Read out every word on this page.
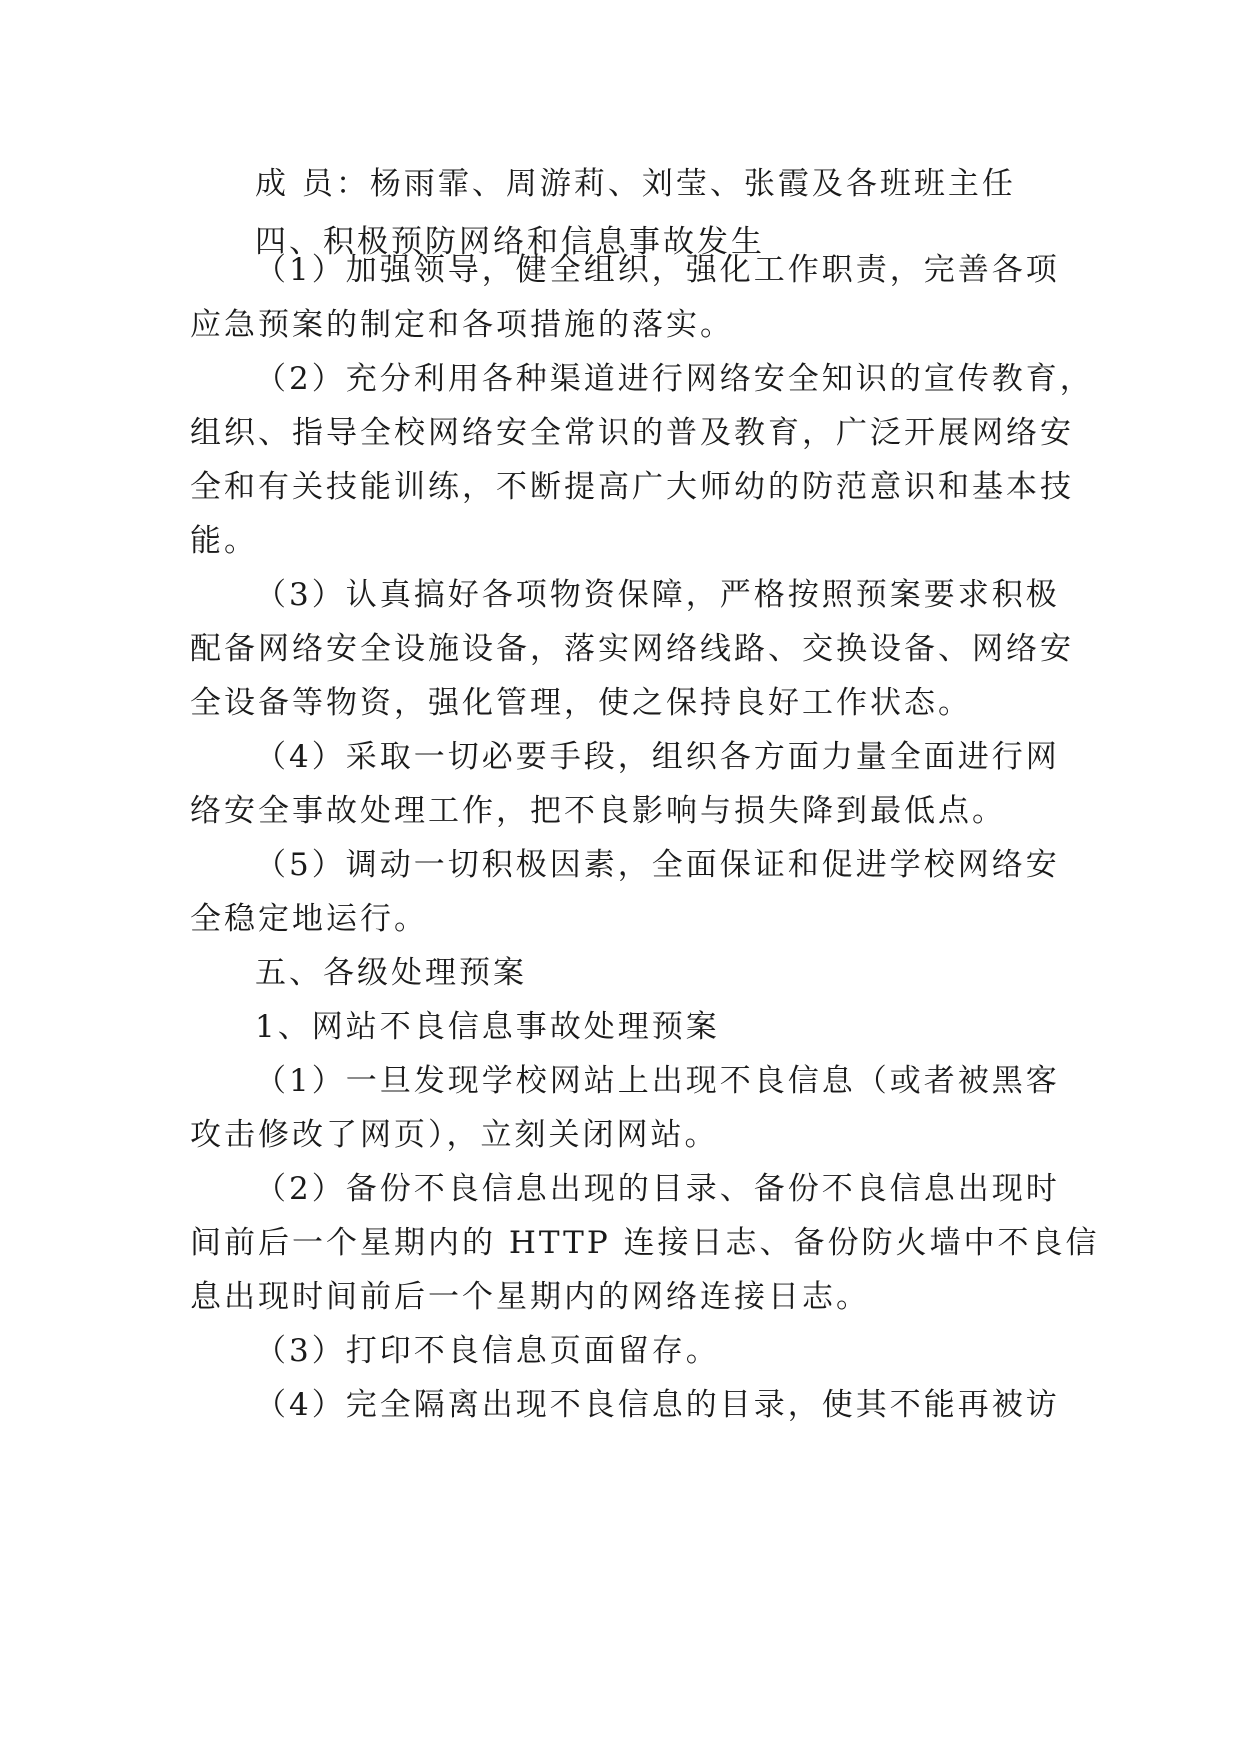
成 员：杨雨霏、周游莉、刘莹、张霞及各班班主任
四、积极预防网络和信息事故发生
（1）加强领导，健全组织，强化工作职责，完善各项
应急预案的制定和各项措施的落实。
（2）充分利用各种渠道进行网络安全知识的宣传教育，
组织、指导全校网络安全常识的普及教育，广泛开展网络安
全和有关技能训练，不断提高广大师幼的防范意识和基本技
能。
（3）认真搞好各项物资保障，严格按照预案要求积极
配备网络安全设施设备，落实网络线路、交换设备、网络安
全设备等物资，强化管理，使之保持良好工作状态。
（4）采取一切必要手段，组织各方面力量全面进行网
络安全事故处理工作，把不良影响与损失降到最低点。
（5）调动一切积极因素，全面保证和促进学校网络安
全稳定地运行。
五、各级处理预案
1、网站不良信息事故处理预案
（1）一旦发现学校网站上出现不良信息（或者被黑客
攻击修改了网页），立刻关闭网站。
（2）备份不良信息出现的目录、备份不良信息出现时
间前后一个星期内的 HTTP 连接日志、备份防火墙中不良信
息出现时间前后一个星期内的网络连接日志。
（3）打印不良信息页面留存。
（4）完全隔离出现不良信息的目录，使其不能再被访
